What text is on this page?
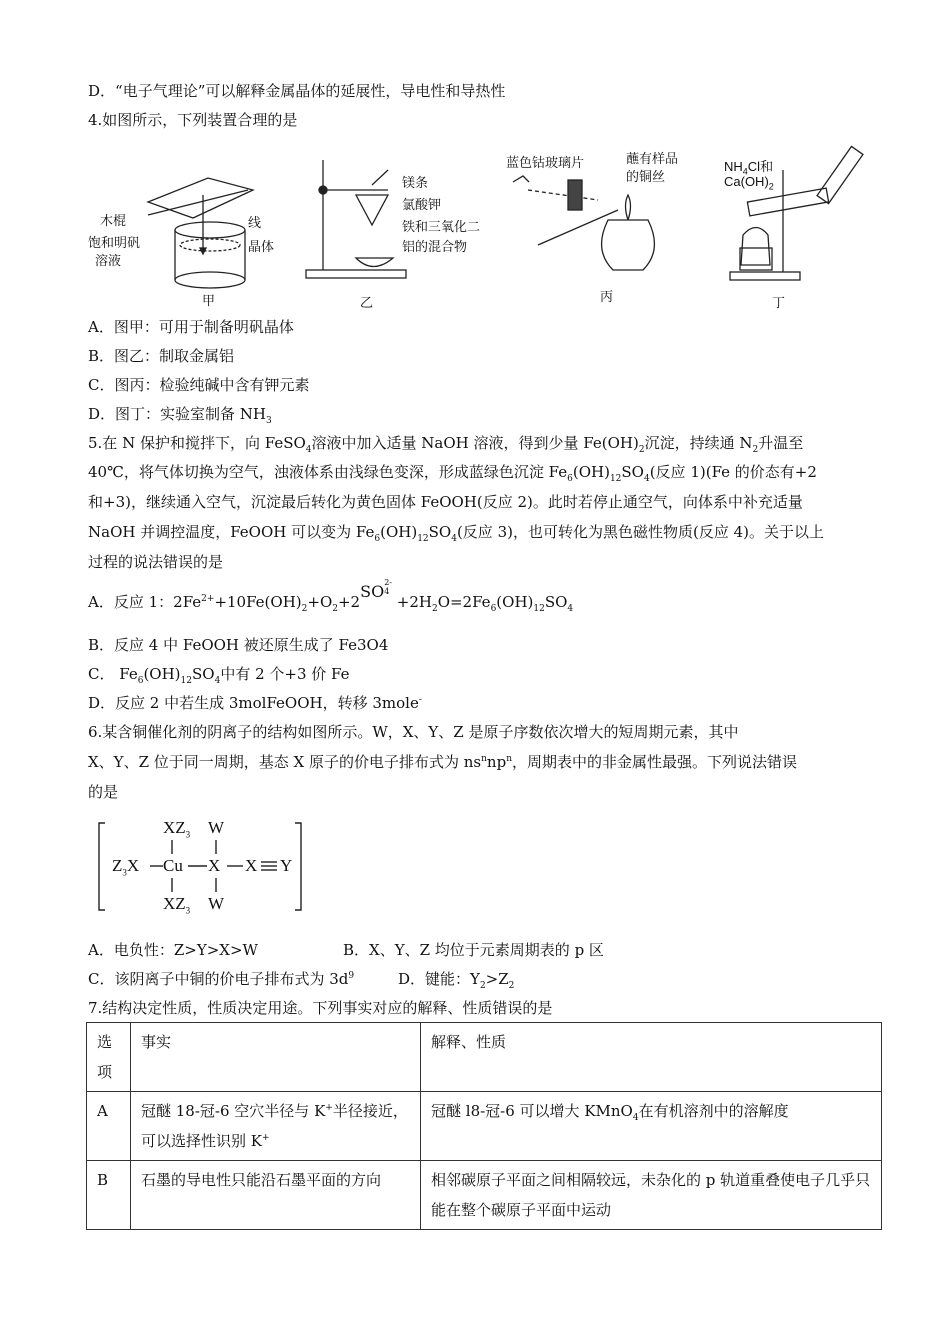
D．“电子气理论”可以解释金属晶体的延展性，导电性和导热性
4.如图所示，下列装置合理的是
木棍	线
饱和明矾
溶液
晶体
甲
镁条
氯酸钾
铁和三氧化二
铝的混合物
乙
蓝色钴玻璃片	蘸有样品
的铜丝
丙
$NH_4Cl$和
$Ca(OH)_2$
丁
A．图甲：可用于制备明矾晶体
B．图乙：制取金属铝
C．图丙：检验纯碱中含有钾元素
D．图丁：实验室制备 $NH_3$
5.在 N 保护和搅拌下，向 FeSO$_4$溶液中加入适量 NaOH 溶液，得到少量 $Fe(OH)_2$沉淀，持续通 $N_2$升温至
40℃，将气体切换为空气，浊液体系由浅绿色变深，形成蓝绿色沉淀 $Fe_6(OH)_{12}SO_4$(反应 1)(Fe 的价态有+2
和+3)，继续通入空气，沉淀最后转化为黄色固体 FeOOH(反应 2)。此时若停止通空气，向体系中补充适量
NaOH 并调控温度，FeOOH 可以变为 $Fe_6(OH)_{12}SO_4$(反应 3)，也可转化为黑色磁性物质(反应 4)。关于以上
过程的说法错误的是
A．反应 1：$2Fe^{2+}+10Fe(OH)_2+O_2+2SO$ 2-
4
$+2H_2O=2Fe_6(OH)_{12}SO_4$
B．反应 4 中 FeOOH 被还原生成了 Fe3O4
C． $Fe_6(OH)_{12}SO_4$中有 2 个+3 价 Fe
D．反应 2 中若生成 3molFeOOH，转移 3mole-
6.某含铜催化剂的阴离子的结构如图所示。W，X、Y、Z 是原子序数依次增大的短周期元素，其中
X、Y、Z 位于同一周期，基态 X 原子的价电子排布式为 $ns^nnp^n$，周期表中的非金属性最强。下列说法错误
的是
$XZ_3$ W
$Z_3X$ Cu X X Y
$XZ_3$ W
A．电负性：Z>Y>X>W	B．X、Y、Z 均位于元素周期表的 p 区
C．该阴离子中铜的价电子排布式为 $3d^9$	D．键能：$Y_2>Z_2$
7.结构决定性质，性质决定用途。下列事实对应的解释、性质错误的是
选项	事实	解释、性质
A	冠醚 18-冠-6 空穴半径与 K+半径接近，可以选择性识别 K+	冠醚 l8-冠-6 可以增大 KMnO$_4$在有机溶剂中的溶解度
B	石墨的导电性只能沿石墨平面的方向	相邻碳原子平面之间相隔较远，未杂化的 p 轨道重叠使电子几乎只能在整个碳原子平面中运动
